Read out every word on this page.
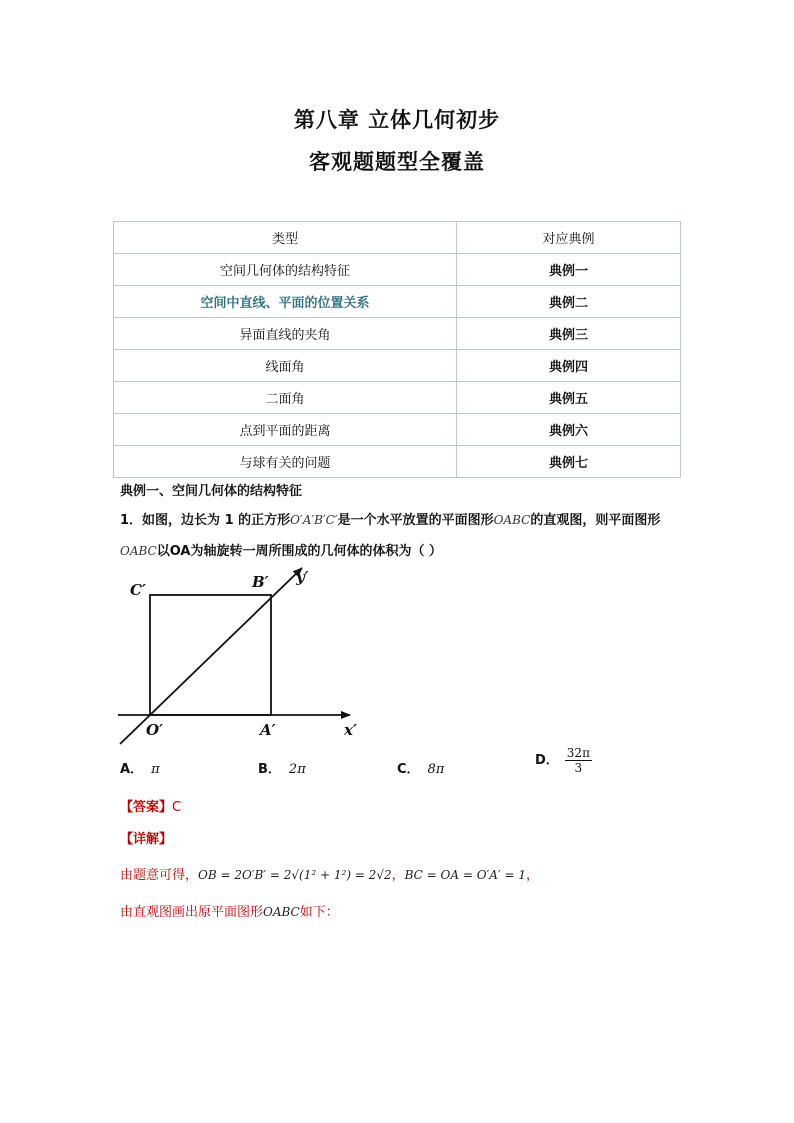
第八章 立体几何初步
客观题题型全覆盖
类型	对应典例
空间几何体的结构特征	典例一
空间中直线、平面的位置关系	典例二
异面直线的夹角	典例三
线面角	典例四
二面角	典例五
点到平面的距离	典例六
与球有关的问题	典例七
典例一、空间几何体的结构特征
1．如图，边长为 1 的正方形O′A′B′C′是一个水平放置的平面图形OABC的直观图，则平面图形OABC以OA为轴旋转一周所围成的几何体的体积为（ ）
C′	B′ y′
O′	A′	x′
A． π	B． 2π	C． 8π
D． $\frac{32\pi}{3}$
【答案】C
【详解】
由题意可得，OB = 2O′B′ = 2√(1² + 1²) = 2√2，BC = OA = O′A′ = 1，
由直观图画出原平面图形OABC如下：
